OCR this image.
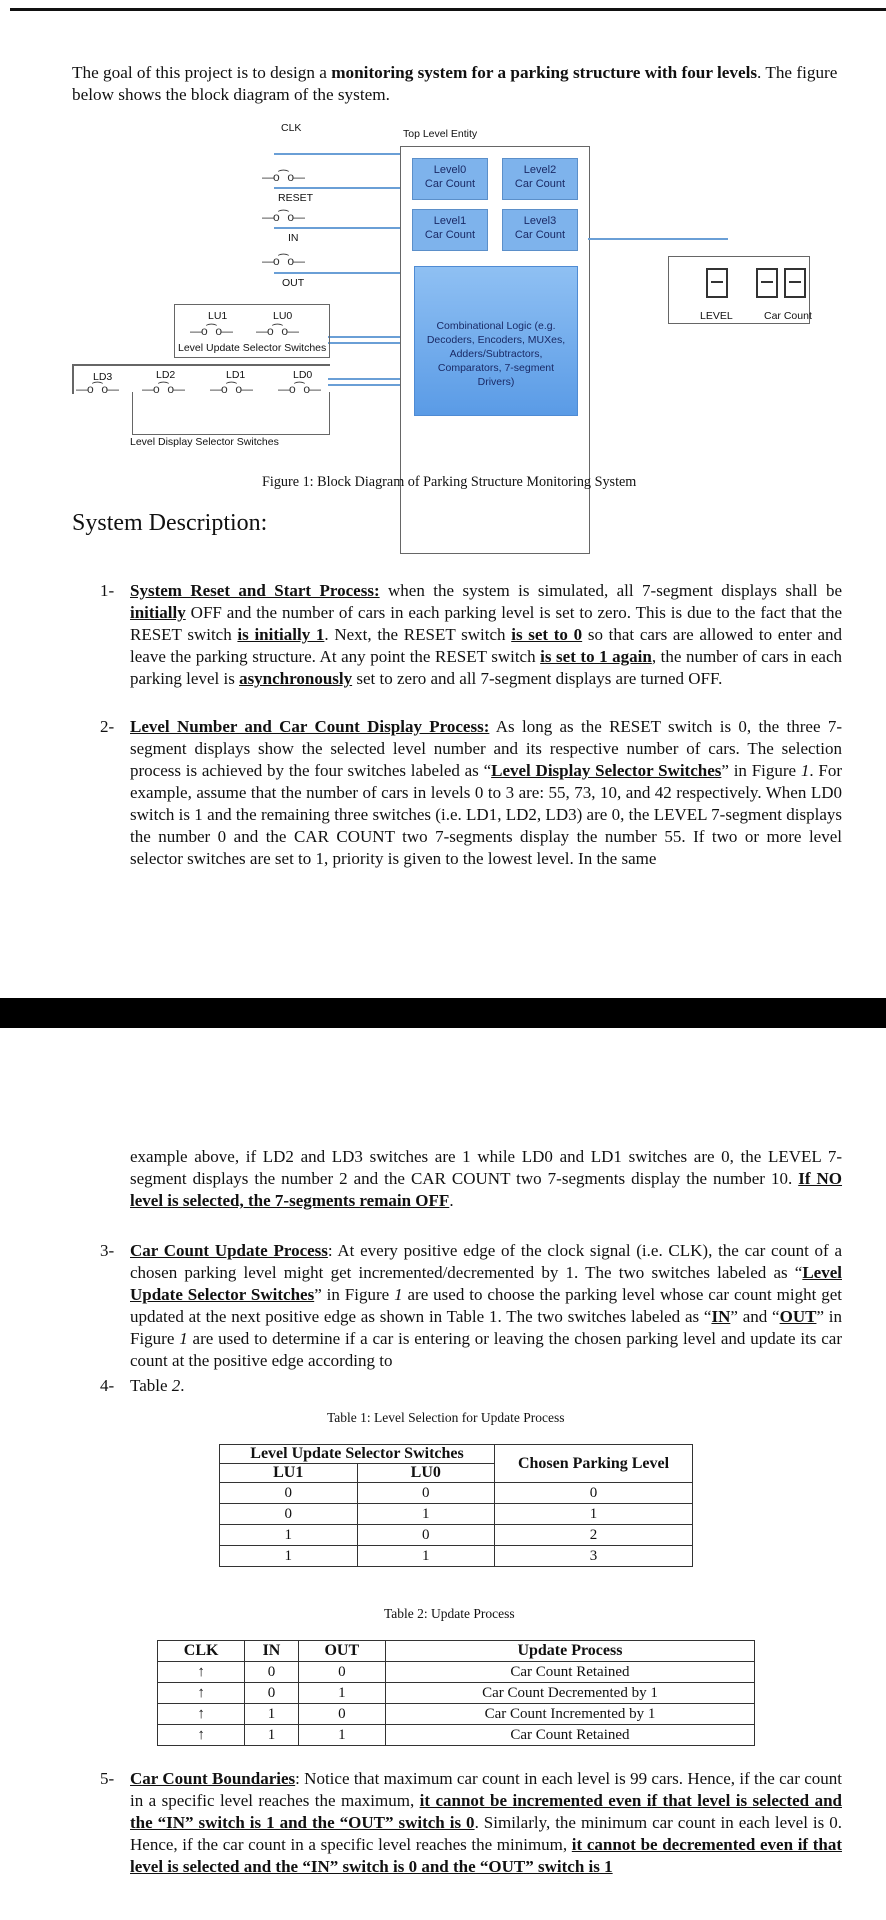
The goal of this project is to design a monitoring system for a parking structure with four levels. The figure below shows the block diagram of the system.
Top Level Entity
Level0
Car Count
Level2
Car Count
Level1
Car Count
Level3
Car Count
Combinational Logic (e.g. Decoders, Encoders, MUXes, Adders/Subtractors, Comparators, 7-segment Drivers)
CLK
—o⁀o—
RESET
—o⁀o—
IN
—o⁀o—
OUT
LU1	LU0
—o⁀o— —o⁀o—
Level Update Selector Switches
LD3	LD2	LD1	LD0
—o⁀o— —o⁀o— —o⁀o— —o⁀o—
Level Display Selector Switches
LEVEL	Car Count
Figure 1: Block Diagram of Parking Structure Monitoring System
System Description:
1- System Reset and Start Process: when the system is simulated, all 7-segment displays shall be initially OFF and the number of cars in each parking level is set to zero. This is due to the fact that the RESET switch is initially 1. Next, the RESET switch is set to 0 so that cars are allowed to enter and leave the parking structure. At any point the RESET switch is set to 1 again, the number of cars in each parking level is asynchronously set to zero and all 7-segment displays are turned OFF.
2- Level Number and Car Count Display Process: As long as the RESET switch is 0, the three 7-segment displays show the selected level number and its respective number of cars. The selection process is achieved by the four switches labeled as “Level Display Selector Switches” in Figure 1. For example, assume that the number of cars in levels 0 to 3 are: 55, 73, 10, and 42 respectively. When LD0 switch is 1 and the remaining three switches (i.e. LD1, LD2, LD3) are 0, the LEVEL 7-segment displays the number 0 and the CAR COUNT two 7-segments display the number 55. If two or more level selector switches are set to 1, priority is given to the lowest level. In the same
example above, if LD2 and LD3 switches are 1 while LD0 and LD1 switches are 0, the LEVEL 7-segment displays the number 2 and the CAR COUNT two 7-segments display the number 10. If NO level is selected, the 7-segments remain OFF.
3- Car Count Update Process: At every positive edge of the clock signal (i.e. CLK), the car count of a chosen parking level might get incremented/decremented by 1. The two switches labeled as “Level Update Selector Switches” in Figure 1 are used to choose the parking level whose car count might get updated at the next positive edge as shown in Table 1. The two switches labeled as “IN” and “OUT” in Figure 1 are used to determine if a car is entering or leaving the chosen parking level and update its car count at the positive edge according to
4- Table 2.
Table 1: Level Selection for Update Process
Level Update Selector Switches		Chosen Parking Level
LU1	LU0	
0	0	0
0	1	1
1	0	2
1	1	3
Table 2: Update Process
CLK	IN	OUT	Update Process
↑	0	0	Car Count Retained
↑	0	1	Car Count Decremented by 1
↑	1	0	Car Count Incremented by 1
↑	1	1	Car Count Retained
5- Car Count Boundaries: Notice that maximum car count in each level is 99 cars. Hence, if the car count in a specific level reaches the maximum, it cannot be incremented even if that level is selected and the “IN” switch is 1 and the “OUT” switch is 0. Similarly, the minimum car count in each level is 0. Hence, if the car count in a specific level reaches the minimum, it cannot be decremented even if that level is selected and the “IN” switch is 0 and the “OUT” switch is 1
